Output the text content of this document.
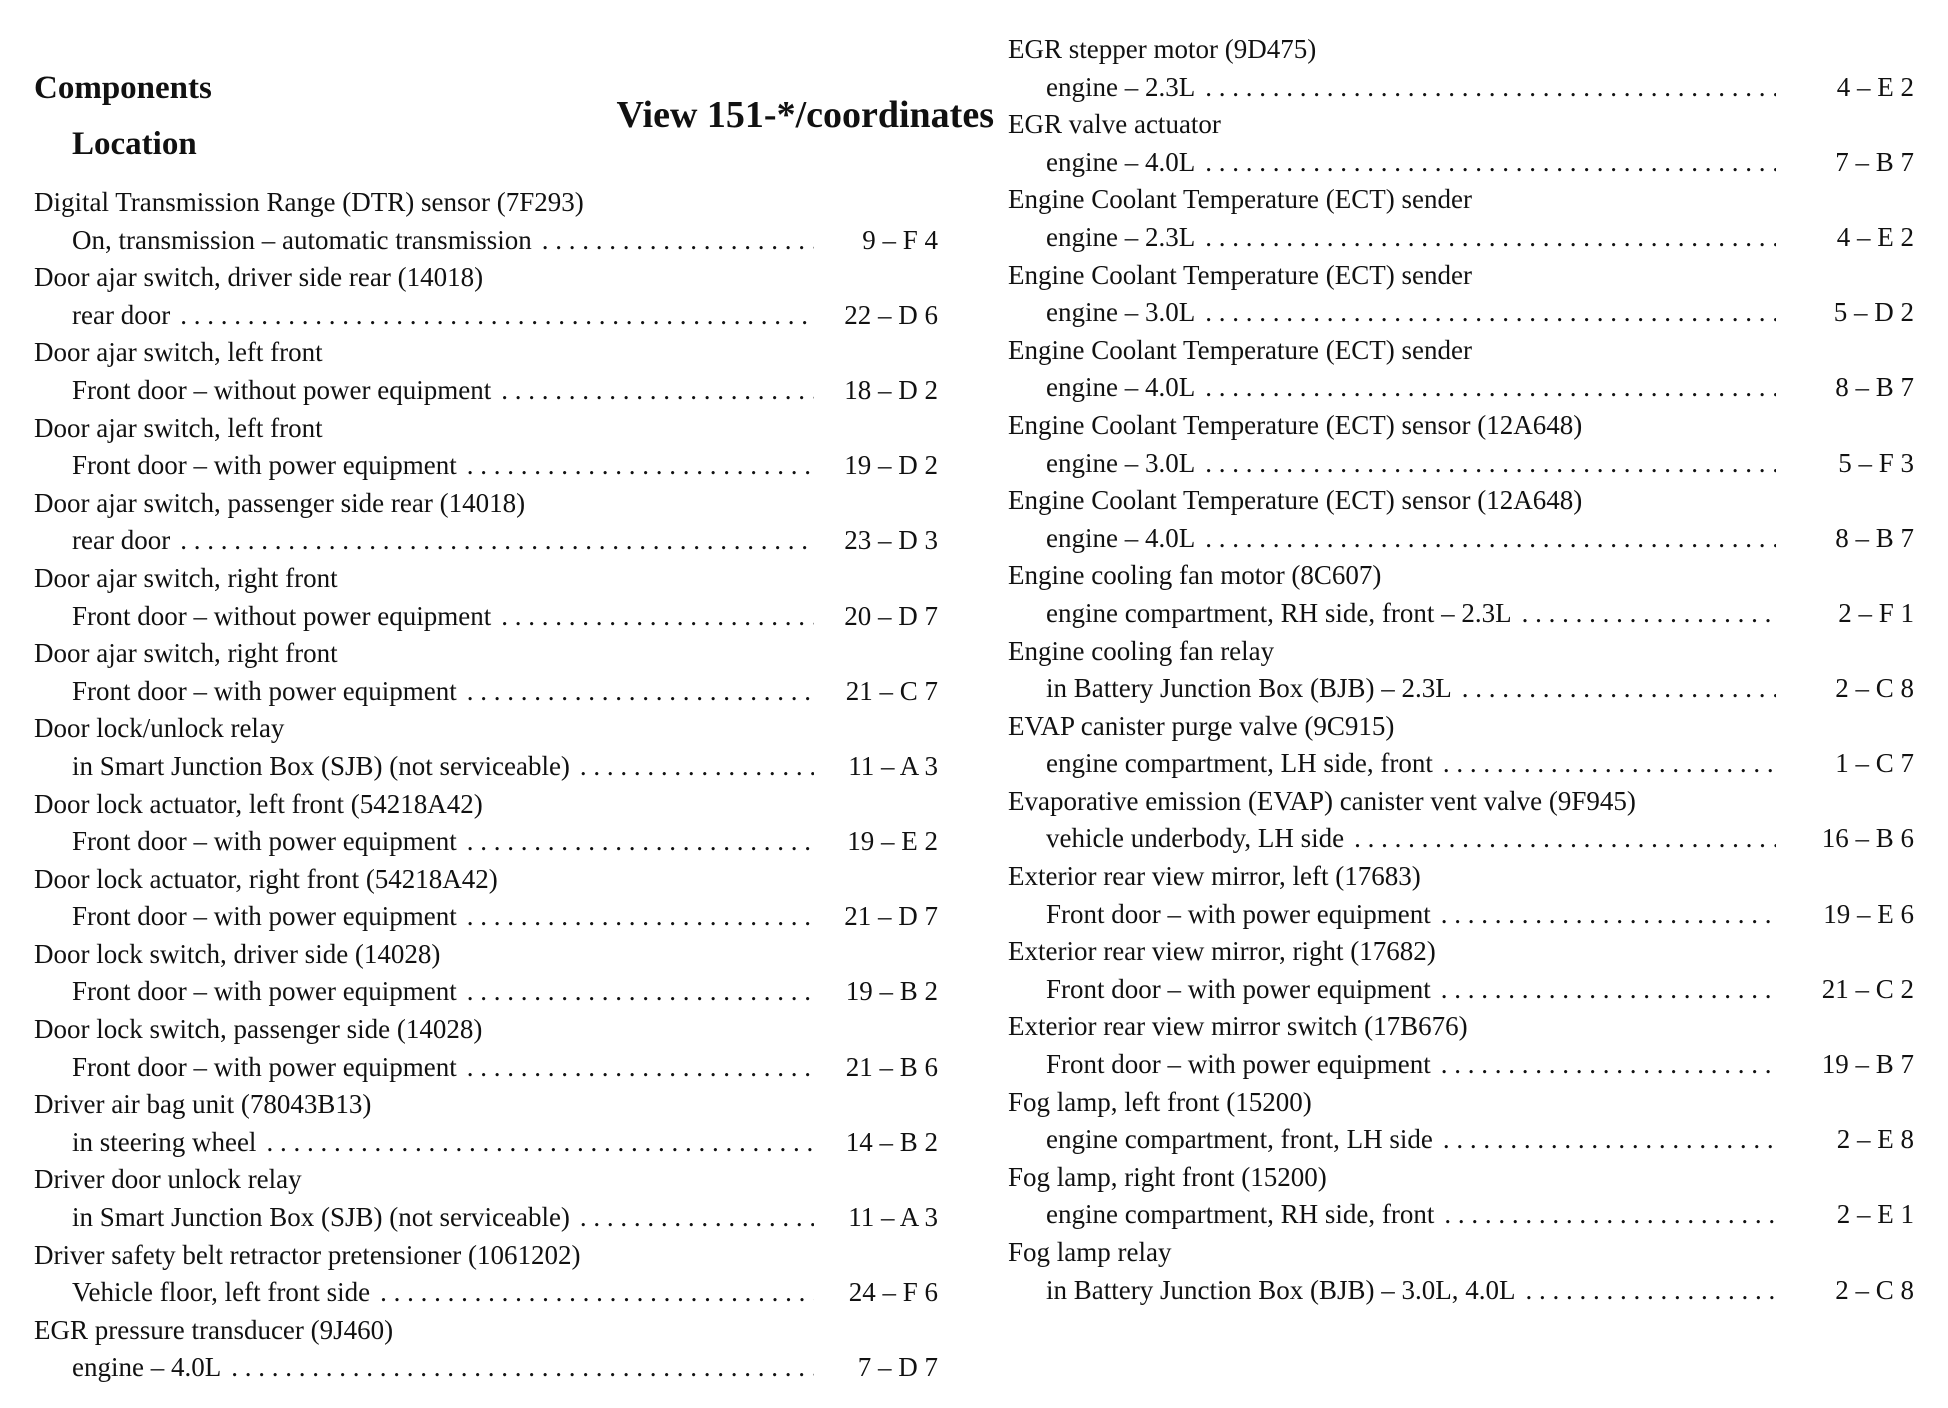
Components
Location
View 151-*/coordinates
Digital Transmission Range (DTR) sensor (7F293)
On, transmission – automatic transmission . . .	9 – F 4
Door ajar switch, driver side rear (14018)
rear door . . .	22 – D 6
Door ajar switch, left front
Front door – without power equipment . . .	18 – D 2
Door ajar switch, left front
Front door – with power equipment . . .	19 – D 2
Door ajar switch, passenger side rear (14018)
rear door . . .	23 – D 3
Door ajar switch, right front
Front door – without power equipment . . .	20 – D 7
Door ajar switch, right front
Front door – with power equipment . . .	21 – C 7
Door lock/unlock relay
in Smart Junction Box (SJB) (not serviceable) . . .	11 – A 3
Door lock actuator, left front (54218A42)
Front door – with power equipment . . .	19 – E 2
Door lock actuator, right front (54218A42)
Front door – with power equipment . . .	21 – D 7
Door lock switch, driver side (14028)
Front door – with power equipment . . .	19 – B 2
Door lock switch, passenger side (14028)
Front door – with power equipment . . .	21 – B 6
Driver air bag unit (78043B13)
in steering wheel . . .	14 – B 2
Driver door unlock relay
in Smart Junction Box (SJB) (not serviceable) . . .	11 – A 3
Driver safety belt retractor pretensioner (1061202)
Vehicle floor, left front side . . .	24 – F 6
EGR pressure transducer (9J460)
engine – 4.0L . . .	7 – D 7
EGR stepper motor (9D475)
engine – 2.3L . . .	4 – E 2
EGR valve actuator
engine – 4.0L . . .	7 – B 7
Engine Coolant Temperature (ECT) sender
engine – 2.3L . . .	4 – E 2
Engine Coolant Temperature (ECT) sender
engine – 3.0L . . .	5 – D 2
Engine Coolant Temperature (ECT) sender
engine – 4.0L . . .	8 – B 7
Engine Coolant Temperature (ECT) sensor (12A648)
engine – 3.0L . . .	5 – F 3
Engine Coolant Temperature (ECT) sensor (12A648)
engine – 4.0L . . .	8 – B 7
Engine cooling fan motor (8C607)
engine compartment, RH side, front – 2.3L . . .	2 – F 1
Engine cooling fan relay
in Battery Junction Box (BJB) – 2.3L . . .	2 – C 8
EVAP canister purge valve (9C915)
engine compartment, LH side, front . . .	1 – C 7
Evaporative emission (EVAP) canister vent valve (9F945)
vehicle underbody, LH side . . .	16 – B 6
Exterior rear view mirror, left (17683)
Front door – with power equipment . . .	19 – E 6
Exterior rear view mirror, right (17682)
Front door – with power equipment . . .	21 – C 2
Exterior rear view mirror switch (17B676)
Front door – with power equipment . . .	19 – B 7
Fog lamp, left front (15200)
engine compartment, front, LH side . . .	2 – E 8
Fog lamp, right front (15200)
engine compartment, RH side, front . . .	2 – E 1
Fog lamp relay
in Battery Junction Box (BJB) – 3.0L, 4.0L . . .	2 – C 8
